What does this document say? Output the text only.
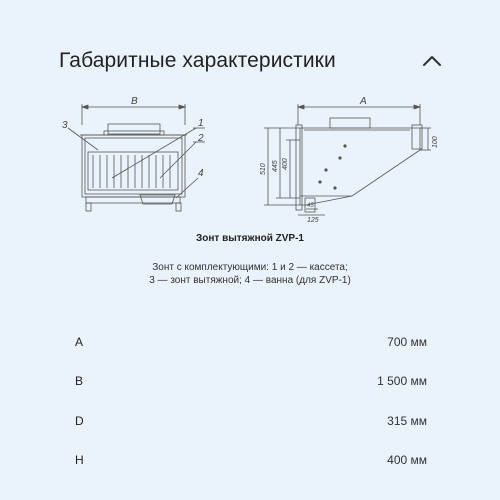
Габаритные характеристики
B
3	1
2
4
A
510 445 400
100
125
45
Зонт вытяжной ZVP-1
Зонт с комплектующими: 1 и 2 — кассета;
3 — зонт вытяжной; 4 — ванна (для ZVP-1)
A	700 мм
B	1 500 мм
D	315 мм
H	400 мм
